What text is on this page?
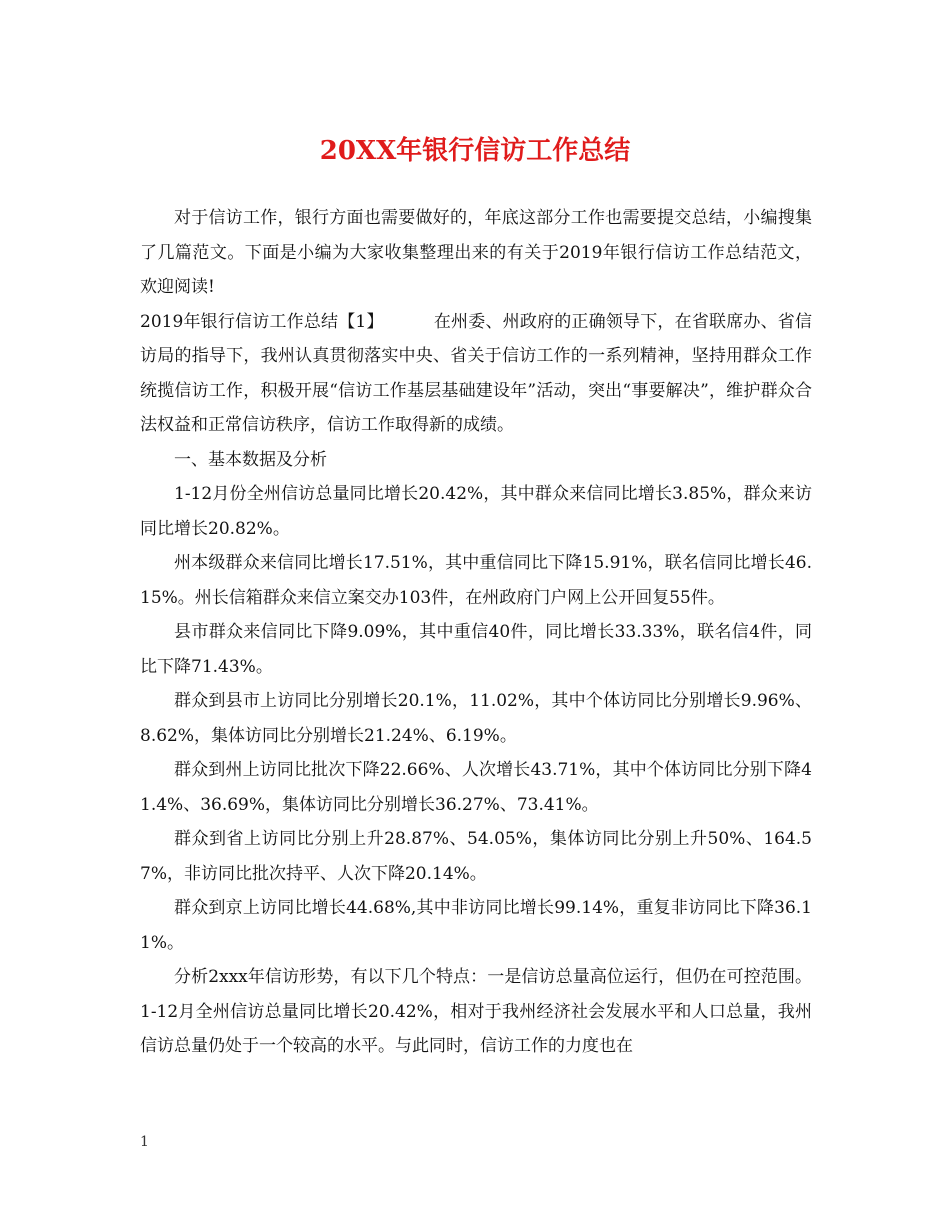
20XX年银行信访工作总结

对于信访工作，银行方面也需要做好的，年底这部分工作也需要提交总结，小编搜集了几篇范文。下面是小编为大家收集整理出来的有关于2019年银行信访工作总结范文，欢迎阅读!

2019年银行信访工作总结【1】	在州委、州政府的正确领导下，在省联席办、省信访局的指导下，我州认真贯彻落实中央、省关于信访工作的一系列精神，坚持用群众工作统揽信访工作，积极开展“信访工作基层基础建设年”活动，突出“事要解决”，维护群众合法权益和正常信访秩序，信访工作取得新的成绩。

一、基本数据及分析

1-12月份全州信访总量同比增长20.42%，其中群众来信同比增长3.85%，群众来访同比增长20.82%。

州本级群众来信同比增长17.51%，其中重信同比下降15.91%，联名信同比增长46.15%。州长信箱群众来信立案交办103件，在州政府门户网上公开回复55件。

县市群众来信同比下降9.09%，其中重信40件，同比增长33.33%，联名信4件，同比下降71.43%。

群众到县市上访同比分别增长20.1%，11.02%，其中个体访同比分别增长9.96%、8.62%，集体访同比分别增长21.24%、6.19%。

群众到州上访同比批次下降22.66%、人次增长43.71%，其中个体访同比分别下降41.4%、36.69%，集体访同比分别增长36.27%、73.41%。

群众到省上访同比分别上升28.87%、54.05%，集体访同比分别上升50%、164.57%，非访同比批次持平、人次下降20.14%。

群众到京上访同比增长44.68%,其中非访同比增长99.14%，重复非访同比下降36.11%。

分析2xxx年信访形势，有以下几个特点：一是信访总量高位运行，但仍在可控范围。1-12月全州信访总量同比增长20.42%，相对于我州经济社会发展水平和人口总量，我州信访总量仍处于一个较高的水平。与此同时，信访工作的力度也在

1
